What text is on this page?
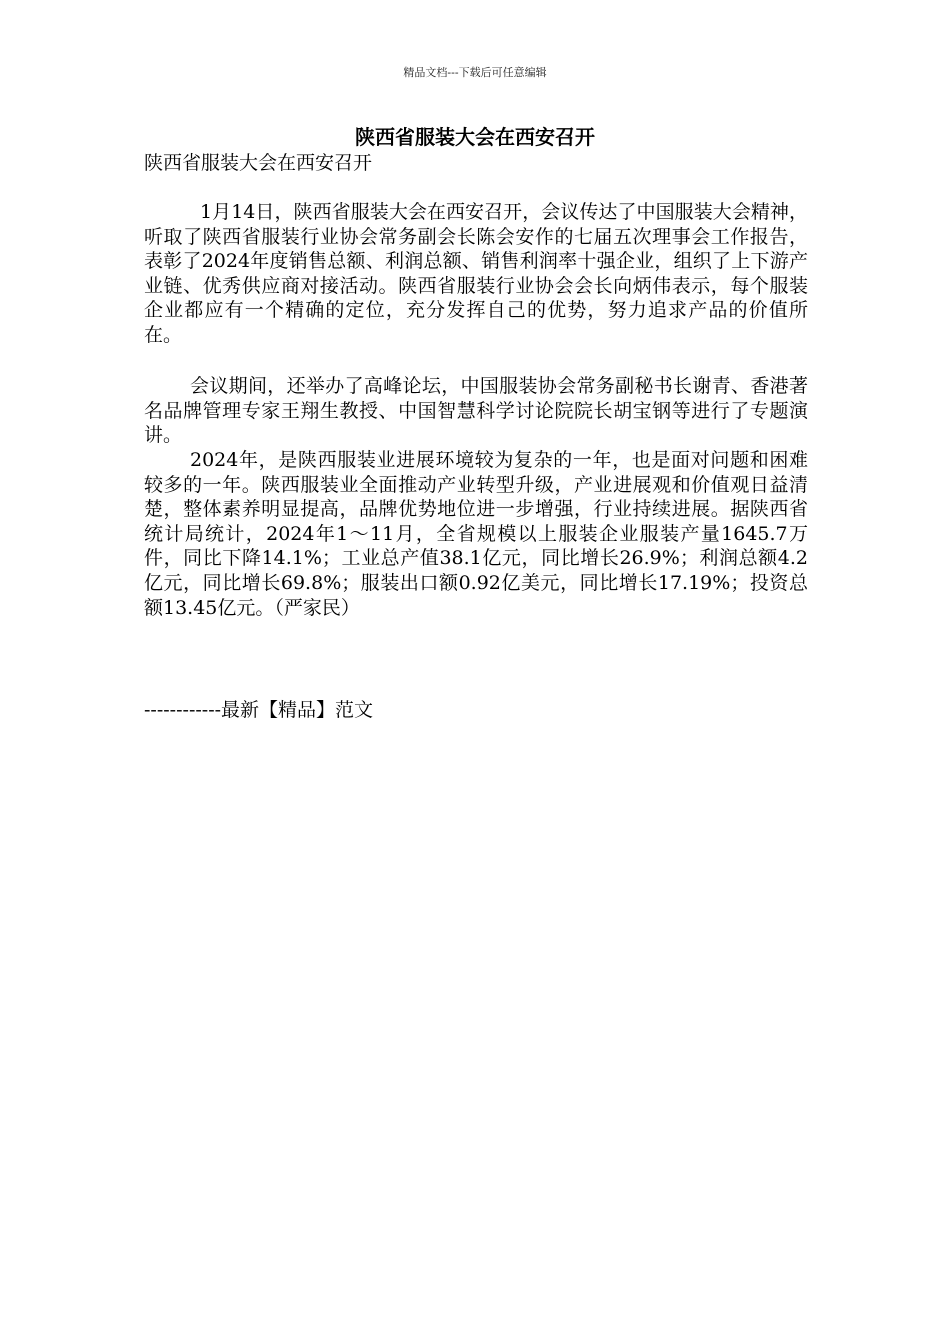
精品文档---下载后可任意编辑
陕西省服装大会在西安召开

陕西省服装大会在西安召开

1月14日，陕西省服装大会在西安召开，会议传达了中国服装大会精神，听取了陕西省服装行业协会常务副会长陈会安作的七届五次理事会工作报告，表彰了2024年度销售总额、利润总额、销售利润率十强企业，组织了上下游产业链、优秀供应商对接活动。陕西省服装行业协会会长向炳伟表示，每个服装企业都应有一个精确的定位，充分发挥自己的优势，努力追求产品的价值所在。

会议期间，还举办了高峰论坛，中国服装协会常务副秘书长谢青、香港著名品牌管理专家王翔生教授、中国智慧科学讨论院院长胡宝钢等进行了专题演讲。

2024年，是陕西服装业进展环境较为复杂的一年，也是面对问题和困难较多的一年。陕西服装业全面推动产业转型升级，产业进展观和价值观日益清楚，整体素养明显提高，品牌优势地位进一步增强，行业持续进展。据陕西省统计局统计，2024年1～11月，全省规模以上服装企业服装产量1645.7万件，同比下降14.1%；工业总产值38.1亿元，同比增长26.9%；利润总额4.2亿元，同比增长69.8%；服装出口额0.92亿美元，同比增长17.19%；投资总额13.45亿元。（严家民）

------------最新【精品】范文
